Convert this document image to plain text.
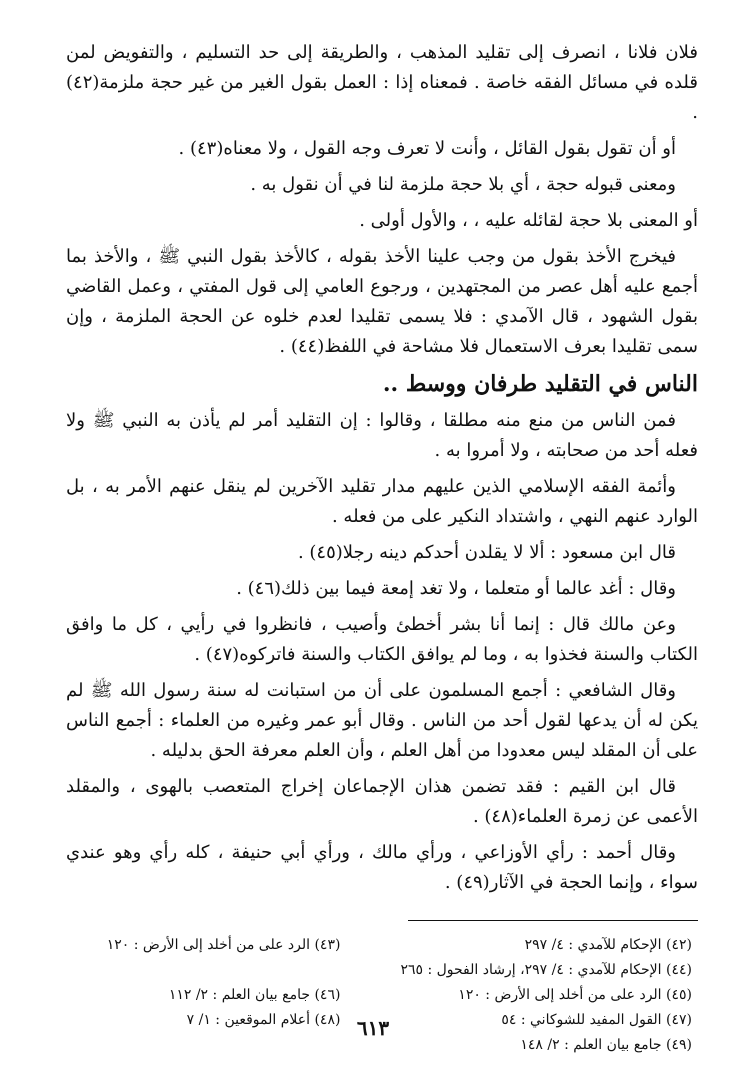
فلان فلانا ، انصرف إلى تقليد المذهب ، والطريقة إلى حد التسليم ، والتفويض لمن قلده في مسائل الفقه خاصة . فمعناه إذا : العمل بقول الغير من غير حجة ملزمة(٤٢) .

أو أن تقول بقول القائل ، وأنت لا تعرف وجه القول ، ولا معناه(٤٣) .

ومعنى قبوله حجة ، أي بلا حجة ملزمة لنا في أن نقول به .

أو المعنى بلا حجة لقائله عليه ، ، والأول أولى .

فيخرج الأخذ بقول من وجب علينا الأخذ بقوله ، كالأخذ بقول النبي ﷺ ، والأخذ بما أجمع عليه أهل عصر من المجتهدين ، ورجوع العامي إلى قول المفتي ، وعمل القاضي بقول الشهود ، قال الآمدي : فلا يسمى تقليدا لعدم خلوه عن الحجة الملزمة ، وإن سمى تقليدا بعرف الاستعمال فلا مشاحة في اللفظ(٤٤) .

الناس في التقليد طرفان ووسط ..

فمن الناس من منع منه مطلقا ، وقالوا : إن التقليد أمر لم يأذن به النبي ﷺ ولا فعله أحد من صحابته ، ولا أمروا به .

وأئمة الفقه الإسلامي الذين عليهم مدار تقليد الآخرين لم ينقل عنهم الأمر به ، بل الوارد عنهم النهي ، واشتداد النكير على من فعله .

قال ابن مسعود : ألا لا يقلدن أحدكم دينه رجلا(٤٥) .

وقال : أغد عالما أو متعلما ، ولا تغد إمعة فيما بين ذلك(٤٦) .

وعن مالك قال : إنما أنا بشر أخطئ وأصيب ، فانظروا في رأيي ، كل ما وافق الكتاب والسنة فخذوا به ، وما لم يوافق الكتاب والسنة فاتركوه(٤٧) .

وقال الشافعي : أجمع المسلمون على أن من استبانت له سنة رسول الله ﷺ لم يكن له أن يدعها لقول أحد من الناس . وقال أبو عمر وغيره من العلماء : أجمع الناس على أن المقلد ليس معدودا من أهل العلم ، وأن العلم معرفة الحق بدليله .

قال ابن القيم : فقد تضمن هذان الإجماعان إخراج المتعصب بالهوى ، والمقلد الأعمى عن زمرة العلماء(٤٨) .

وقال أحمد : رأي الأوزاعي ، ورأي مالك ، ورأي أبي حنيفة ، كله رأي وهو عندي سواء ، وإنما الحجة في الآثار(٤٩) .

(٤٢) الإحكام للآمدي : ٤/ ٢٩٧
(٤٣) الرد على من أخلد إلى الأرض : ١٢٠
(٤٤) الإحكام للآمدي : ٤/ ٢٩٧، إرشاد الفحول : ٢٦٥
(٤٥) الرد على من أخلد إلى الأرض : ١٢٠
(٤٦) جامع بيان العلم : ٢/ ١١٢
(٤٧) القول المفيد للشوكاني : ٥٤
(٤٨) أعلام الموقعين : ١/ ٧
(٤٩) جامع بيان العلم : ٢/ ١٤٨
٦١٣
